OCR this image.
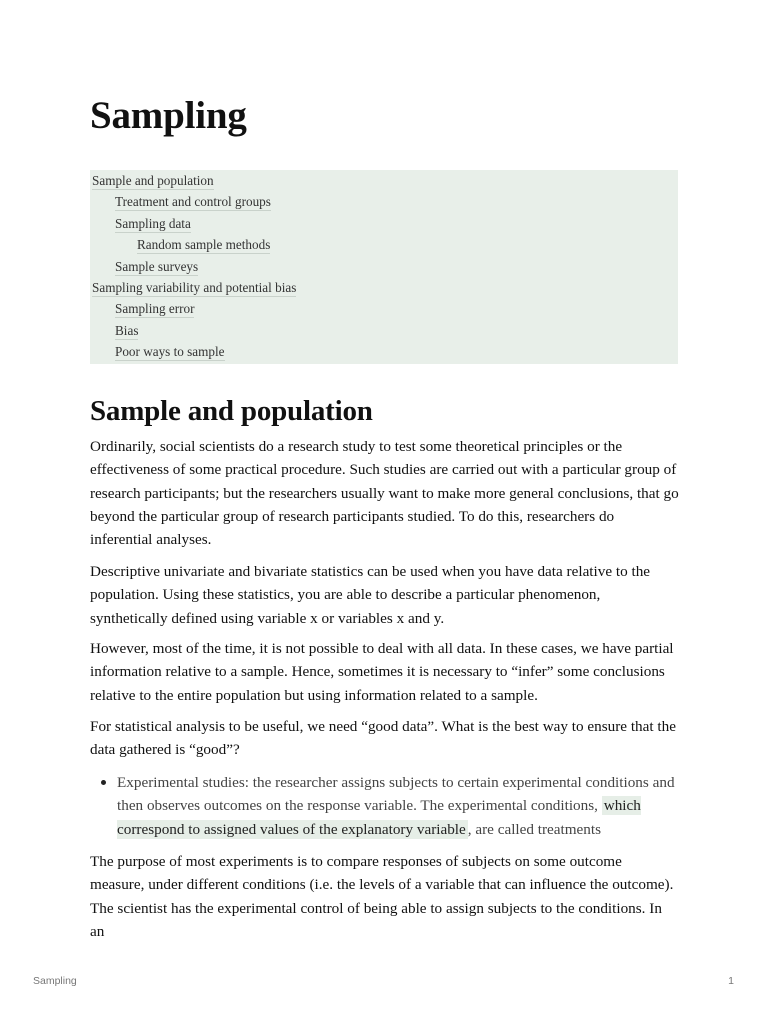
Sampling
Sample and population
Treatment and control groups
Sampling data
Random sample methods
Sample surveys
Sampling variability and potential bias
Sampling error
Bias
Poor ways to sample
Sample and population

Ordinarily, social scientists do a research study to test some theoretical principles or the effectiveness of some practical procedure. Such studies are carried out with a particular group of research participants; but the researchers usually want to make more general conclusions, that go beyond the particular group of research participants studied. To do this, researchers do inferential analyses.

Descriptive univariate and bivariate statistics can be used when you have data relative to the population. Using these statistics, you are able to describe a particular phenomenon, synthetically defined using variable x or variables x and y.

However, most of the time, it is not possible to deal with all data. In these cases, we have partial information relative to a sample. Hence, sometimes it is necessary to “infer” some conclusions relative to the entire population but using information related to a sample.

For statistical analysis to be useful, we need “good data”. What is the best way to ensure that the data gathered is “good”?

Experimental studies: the researcher assigns subjects to certain experimental conditions and then observes outcomes on the response variable. The experimental conditions, which correspond to assigned values of the explanatory variable , are called treatments

The purpose of most experiments is to compare responses of subjects on some outcome measure, under different conditions (i.e. the levels of a variable that can influence the outcome). The scientist has the experimental control of being able to assign subjects to the conditions. In an

Sampling	1
